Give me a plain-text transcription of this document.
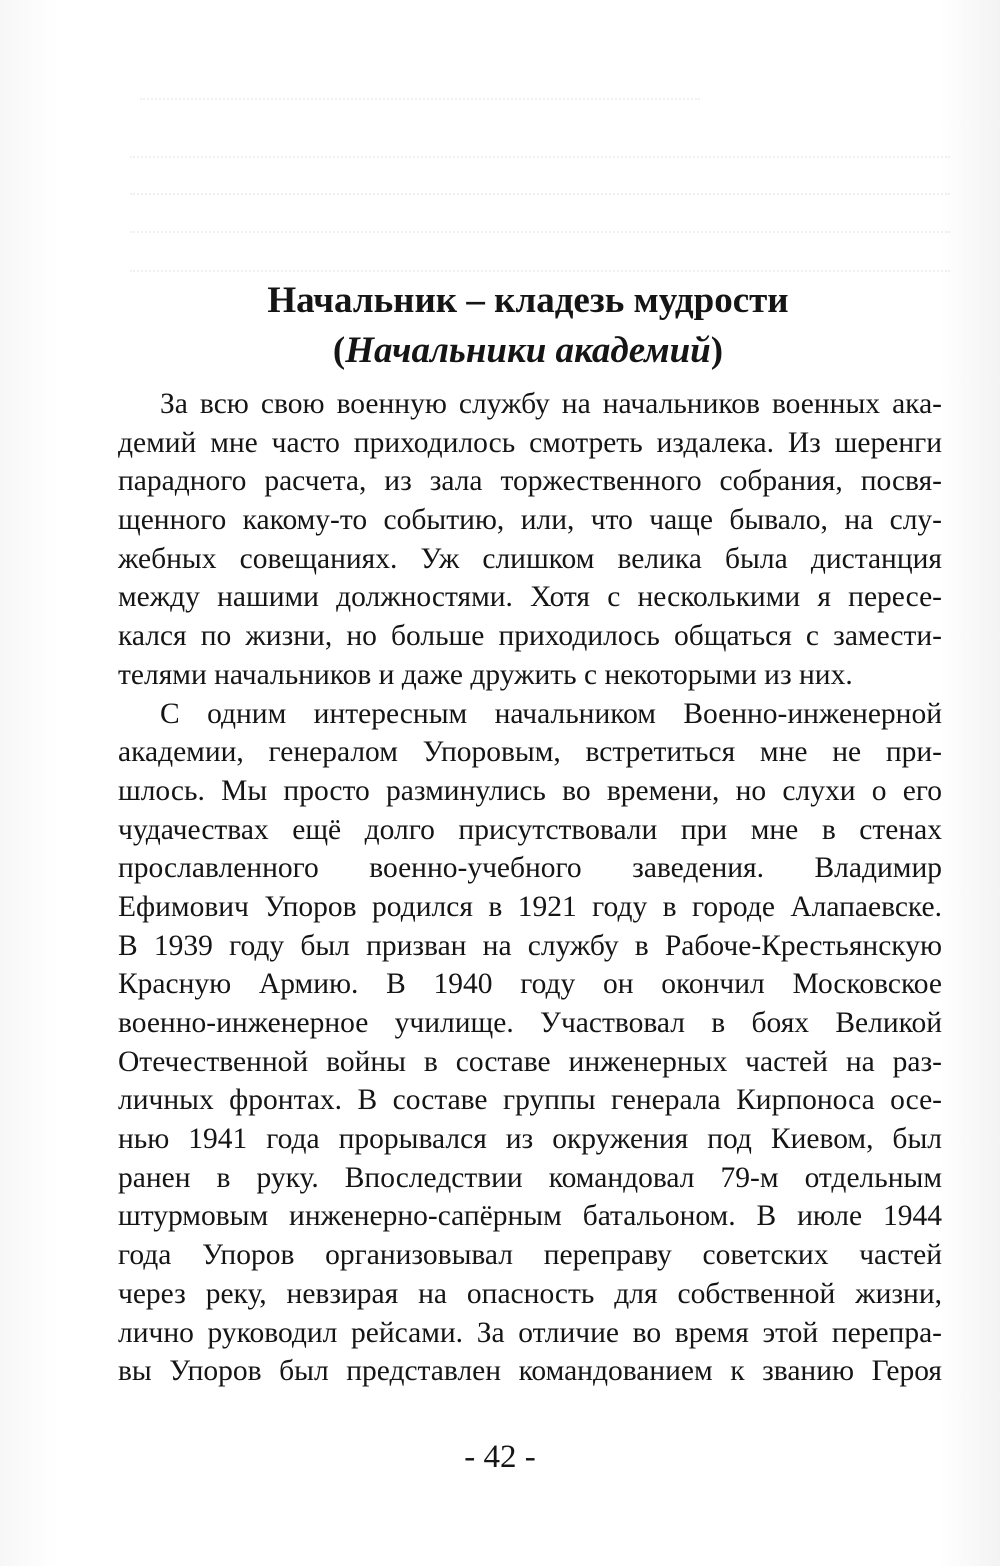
Начальник – кладезь мудрости
(Начальники академий)
За всю свою военную службу на начальников военных ака-
демий мне часто приходилось смотреть издалека. Из шеренги
парадного расчета, из зала торжественного собрания, посвя-
щенного какому-то событию, или, что чаще бывало, на слу-
жебных совещаниях. Уж слишком велика была дистанция
между нашими должностями. Хотя с несколькими я пересе-
кался по жизни, но больше приходилось общаться с замести-
телями начальников и даже дружить с некоторыми из них.
С одним интересным начальником Военно-инженерной
академии, генералом Упоровым, встретиться мне не при-
шлось. Мы просто разминулись во времени, но слухи о его
чудачествах ещё долго присутствовали при мне в стенах
прославленного военно-учебного заведения. Владимир
Ефимович Упоров родился в 1921 году в городе Алапаевске.
В 1939 году был призван на службу в Рабоче-Крестьянскую
Красную Армию. В 1940 году он окончил Московское
военно-инженерное училище. Участвовал в боях Великой
Отечественной войны в составе инженерных частей на раз-
личных фронтах. В составе группы генерала Кирпоноса осе-
нью 1941 года прорывался из окружения под Киевом, был
ранен в руку. Впоследствии командовал 79-м отдельным
штурмовым инженерно-сапёрным батальоном. В июле 1944
года Упоров организовывал переправу советских частей
через реку, невзирая на опасность для собственной жизни,
лично руководил рейсами. За отличие во время этой перепра-
вы Упоров был представлен командованием к званию Героя
- 42 -
